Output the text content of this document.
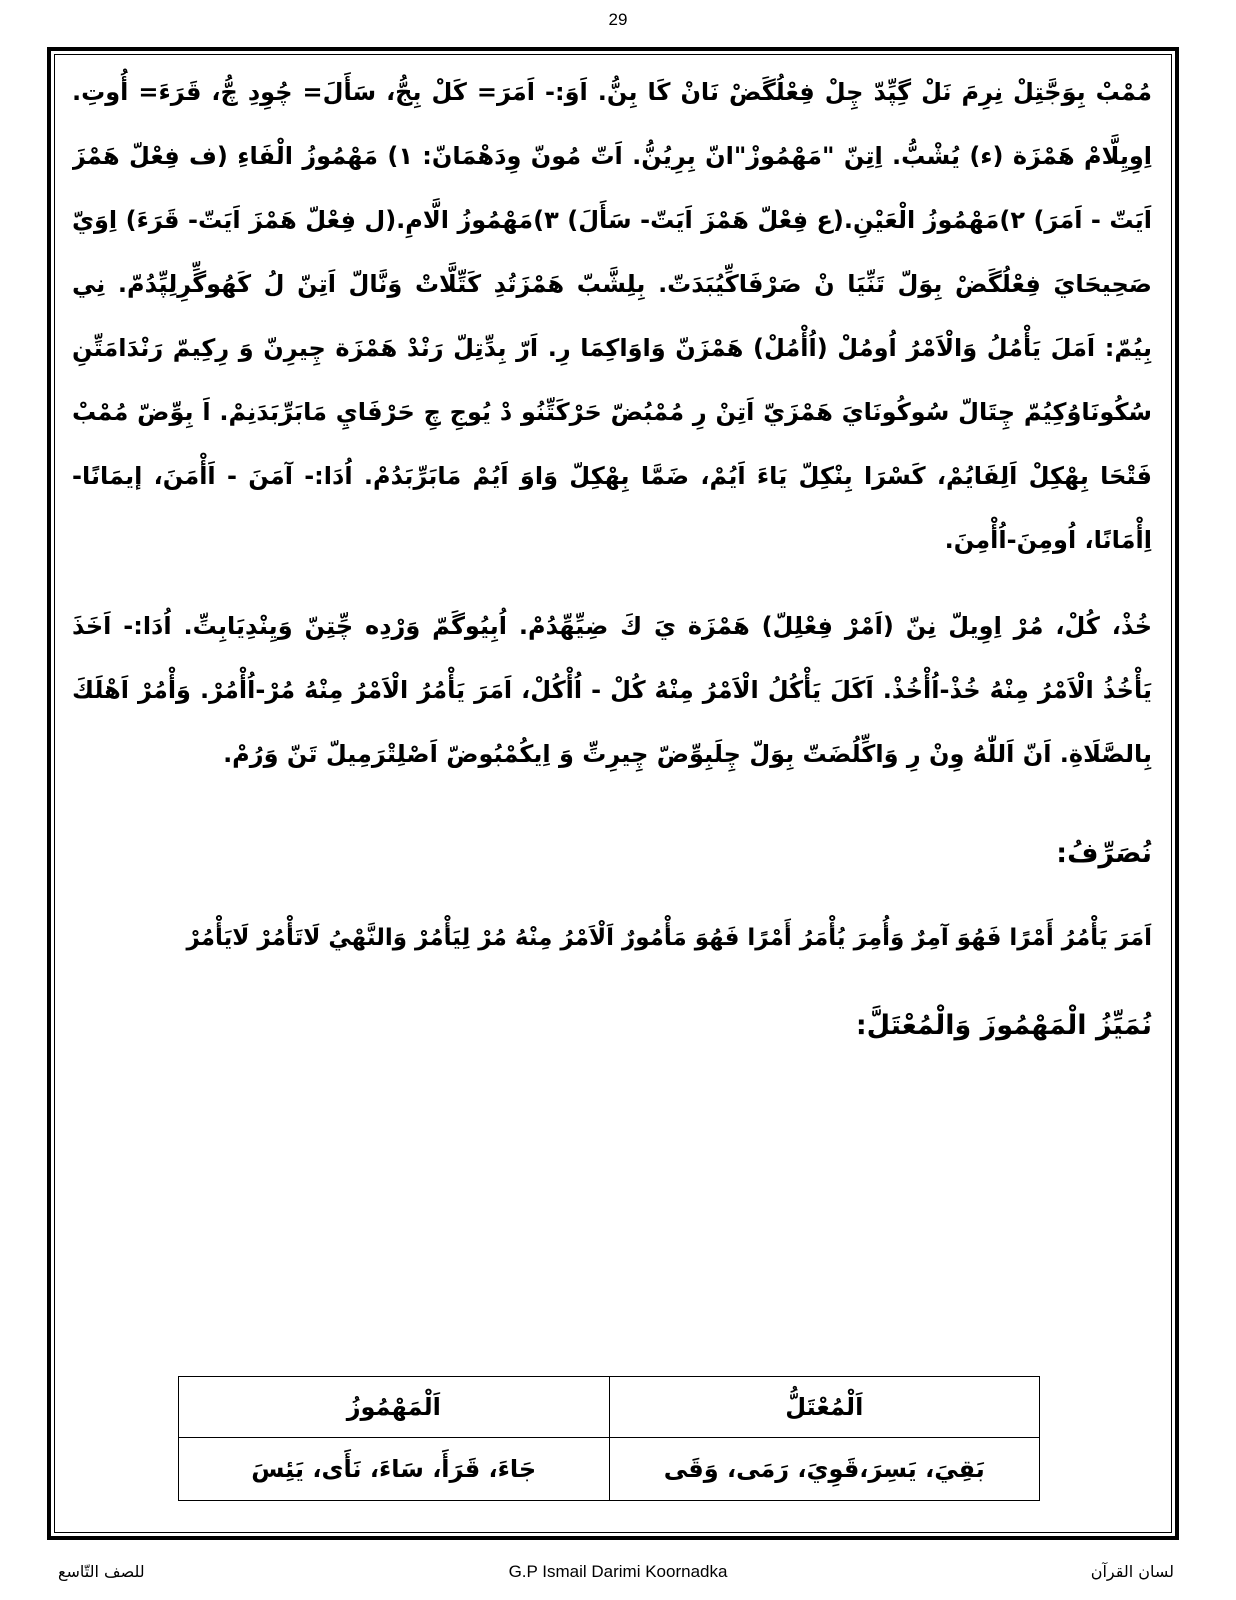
29

مُمْبْ بِوَجَّتِلْ نِرِمَ نَلْ گِپِّدّ چِلْ فِعْلُگَضْ نَانْ كَا بِنُّ. اَوَ:- اَمَرَ= كَلْ بِجُّ، سَأَلَ= چُوِدِ چُّ، قَرَءَ= أُوتِ. اِوِيِلَّامْ هَمْزَة (ء) يُشْبُّ. اِتِنّ "مَهْمُوزْ"انّ بِرِيُنُّ. اَتّ مُونّ وِدَهْمَانّ: ١) مَهْمُوزُ الْفَاءِ (ف فِعْلّ هَمْزَ اَيَتّ - اَمَرَ) ٢)مَهْمُوزُ الْعَيْنِ.(ع فِعْلّ هَمْزَ اَيَتّ- سَأَلَ) ٣)مَهْمُوزُ الَّامِ.(ل فِعْلّ هَمْزَ اَيَتّ- قَرَءَ) اِوَيّ صَحِيحَايَ فِعْلُگَضْ بِوَلّ تَنِّيَا نْ صَرْفَاكِّيُبَدَتّ. بِلِشَّبّ هَمْزَتُدِ كَتِّلَّاتْ وَنَّالّ اَتِنّ لُ كَهُوگِّرِلِپِّدُمّ. نِي بِيُمّ: اَمَلَ يَأْمُلُ وَالْاَمْرُ اُومُلْ (اُأْمُلْ) هَمْزَنّ وَاوَاكِمَا رِ. اَرّ بِدِّتِلّ رَنْدْ هَمْزَة چِيرِنّ وَ رِكِيمّ رَنْدَامَتِّنِ سُكُونَاوُكِيُمّ چِتَالّ سُوكُونَايَ هَمْزَيّ اَتِنْ رِ مُمْبُضّ حَرْكَتِّنُو دْ يُوجِ چِ حَرْفَايِ مَابَرِّبَدَنِمْ. اَ بِوِّضّ مُمْبْ فَتْحَا بِهْكِلْ اَلِفَايُمْ، كَسْرَا بِنْكِلّ يَاءَ اَيُمْ، ضَمَّا بِهْكِلّ وَاوَ اَيُمْ مَابَرِّبَدُمْ. اُدَا:- آمَنَ - اَأْمَنَ، إيمَانًا- اِأْمَانًا، اُومِنَ-اُأْمِنَ.

خُذْ، كُلْ، مُرْ اِوِيلّ نِنّ (اَمْرْ فِعْلِلّ) هَمْزَة يَ كَ ضِيِّهِّدُمْ. اُبِيُوگَمّ وَرْدِه چِّتِنّ وَيِنْدِيَابِتِّ. اُدَا:- اَخَذَ يَأْخُذُ الْاَمْرُ مِنْهُ خُذْ-اُأْخُذْ. اَكَلَ يَأْكُلُ الْاَمْرُ مِنْهُ كُلْ - اُأْكُلْ، اَمَرَ يَأْمُرُ الْاَمْرُ مِنْهُ مُرْ-اُأْمُرْ. وَأْمُرْ اَهْلَكَ بِالصَّلَاةِ. اَنّ اَللّٰهُ وِنْ رِ وَاكِّلُضَتّ بِوَلّ چِلَبِوِّضّ چِيرِتِّ وَ اِيكُمْبُوضّ اَصْلِتْرَمِيلّ تَنّ وَرُمْ.

نُصَرِّفُ:

اَمَرَ يَأْمُرُ أَمْرًا فَهُوَ آمِرٌ وَأُمِرَ يُأْمَرُ أَمْرًا فَهُوَ مَأْمُورٌ اَلْاَمْرُ مِنْهُ مُرْ لِيَأْمُرْ وَالنَّهْيُ لَاتَأْمُرْ لَايَأْمُرْ

نُمَيِّزُ الْمَهْمُوزَ وَالْمُعْتَلَّ:

اَلْمُعْتَلُّ	اَلْمَهْمُوزُ
بَقِيَ، يَسِرَ،قَوِيَ، رَمَى، وَقَى	جَاءَ، قَرَأَ، سَاءَ، نَأَى، يَئِسَ
للصف التّاسع	G.P Ismail Darimi Koornadka	لسان القرآن
